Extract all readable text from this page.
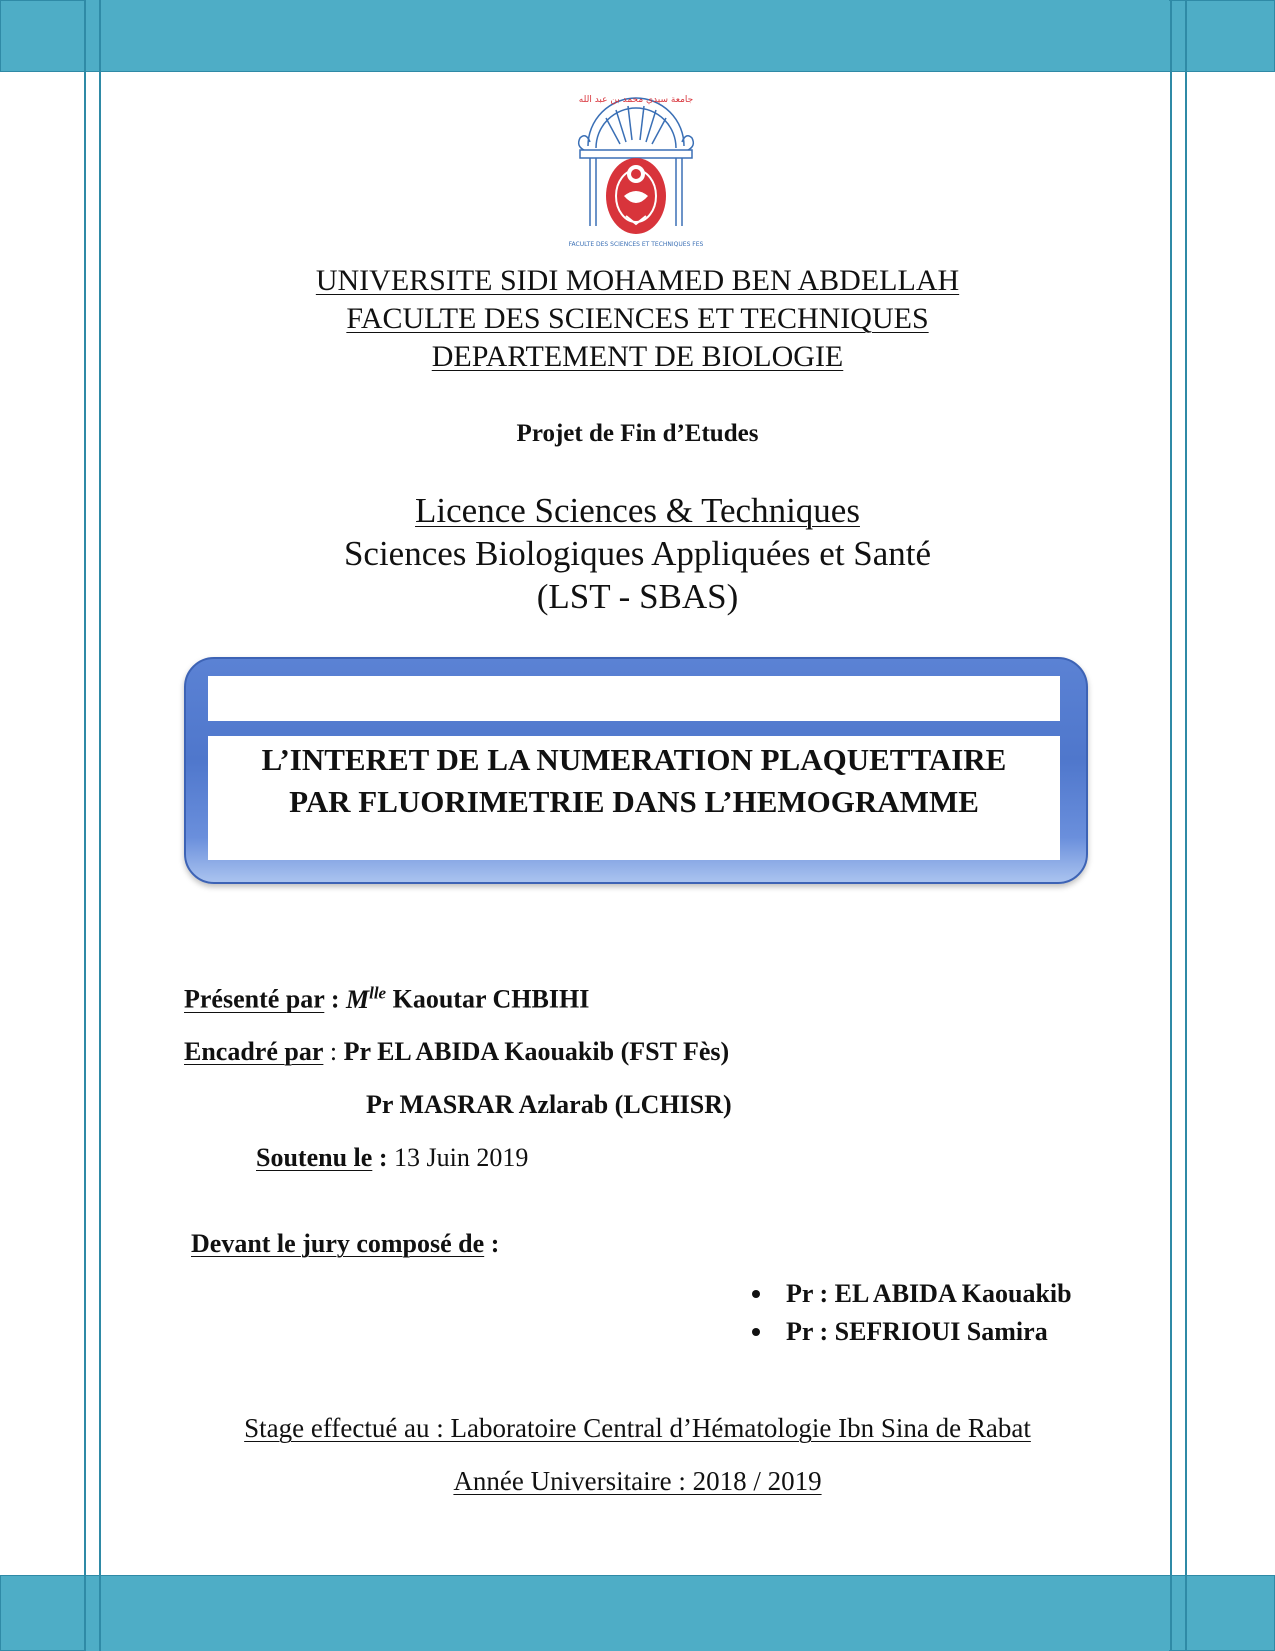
ﺟﺎﻣﻌﺔ ﺳﻴﺪﻱ ﻣﺤﻤﺪ ﺑﻦ ﻋﺒﺪ ﺍﻟﻠﻪ
FACULTE DES SCIENCES ET TECHNIQUES FES
UNIVERSITE SIDI MOHAMED BEN ABDELLAH
FACULTE DES SCIENCES ET TECHNIQUES
DEPARTEMENT DE BIOLOGIE
Projet de Fin d’Etudes
Licence Sciences & Techniques
Sciences Biologiques Appliquées et Santé
(LST - SBAS)
L’INTERET DE LA NUMERATION PLAQUETTAIRE
PAR FLUORIMETRIE DANS L’HEMOGRAMME
Présenté par : $M^{lle}$ Kaoutar CHBIHI
Encadré par : Pr EL ABIDA Kaouakib (FST Fès)
Pr MASRAR Azlarab (LCHISR)
Soutenu le : 13 Juin 2019
Devant le jury composé de :
Pr : EL ABIDA Kaouakib
Pr : SEFRIOUI Samira
Stage effectué au : Laboratoire Central d’Hématologie Ibn Sina de Rabat
Année Universitaire : 2018 / 2019
